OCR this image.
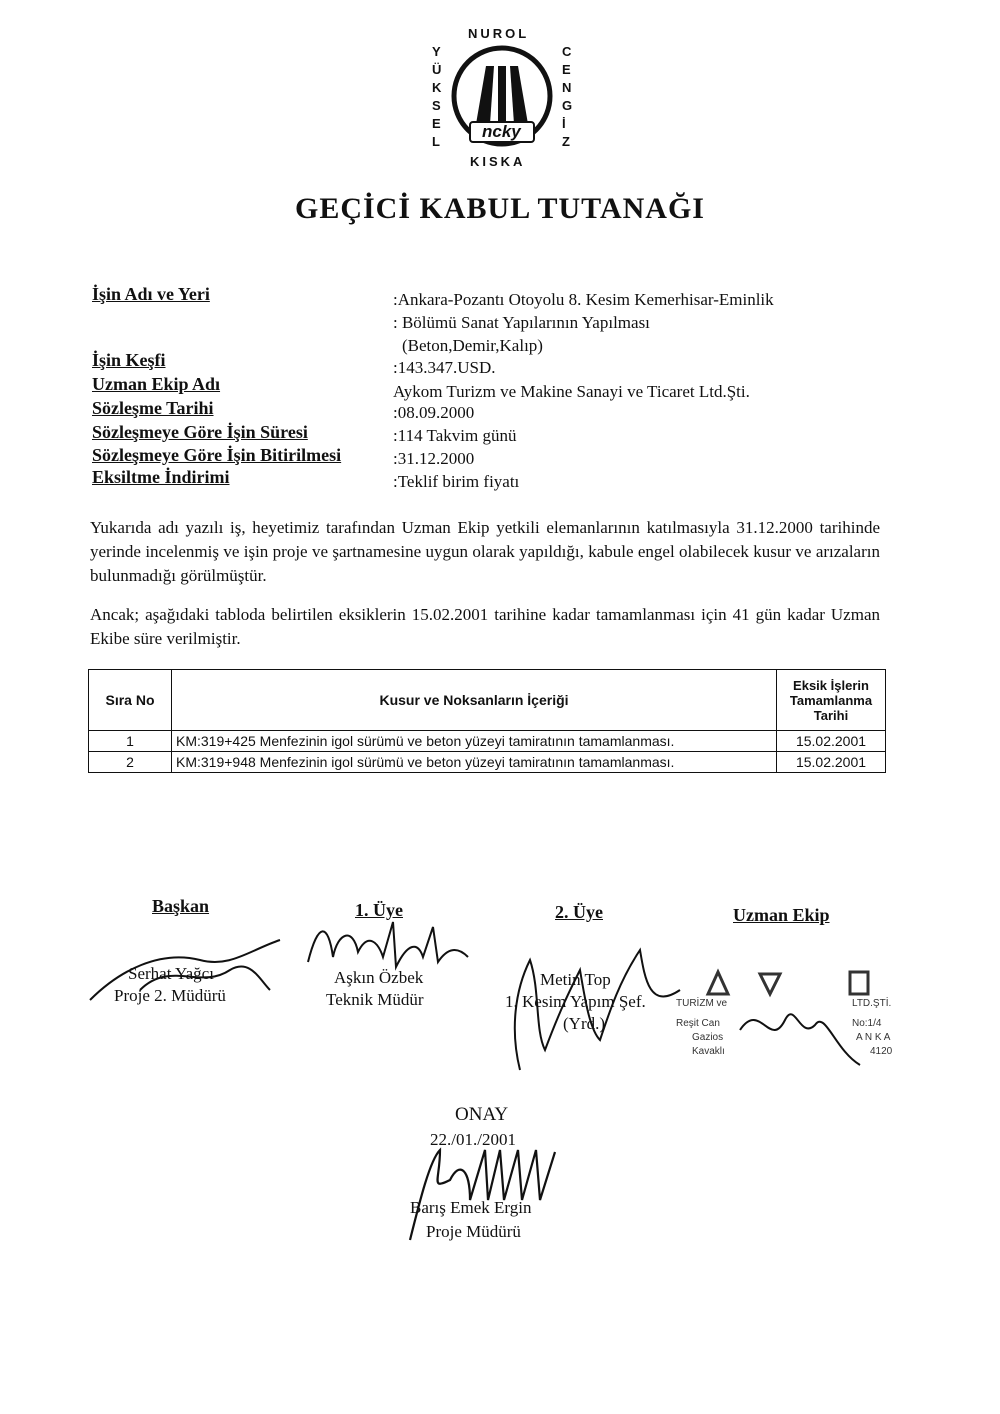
NUROL
KISKA
Y
Ü
K
S
E
L
C
E
N
G
İ
Z
ncky
GEÇİCİ KABUL TUTANAĞI
İşin Adı ve Yeri	:Ankara-Pozantı Otoyolu 8. Kesim Kemerhisar-Eminlik
: Bölümü Sanat Yapılarının Yapılması
(Beton,Demir,Kalıp)
İşin Keşfi	:143.347.USD.
Uzman Ekip Adı	Aykom Turizm ve Makine Sanayi ve Ticaret Ltd.Şti.
Sözleşme Tarihi	:08.09.2000
Sözleşmeye Göre İşin Süresi	:114 Takvim günü
Sözleşmeye Göre İşin Bitirilmesi	:31.12.2000
Eksiltme İndirimi	:Teklif birim fiyatı
Yukarıda adı yazılı iş, heyetimiz tarafından Uzman Ekip yetkili elemanlarının katılmasıyla 31.12.2000 tarihinde yerinde incelenmiş ve işin proje ve şartnamesine uygun olarak yapıldığı, kabule engel olabilecek kusur ve arızaların bulunmadığı görülmüştür.
Ancak; aşağıdaki tabloda belirtilen eksiklerin 15.02.2001 tarihine kadar tamamlanması için 41 gün kadar Uzman Ekibe süre verilmiştir.
Sıra No	Kusur ve Noksanların İçeriği	Eksik İşlerin Tamamlanma Tarihi
1	KM:319+425 Menfezinin igol sürümü ve beton yüzeyi tamiratının tamamlanması.	15.02.2001
2	KM:319+948 Menfezinin igol sürümü ve beton yüzeyi tamiratının tamamlanması.	15.02.2001
Başkan
Serhat Yağcı
Proje 2. Müdürü
1. Üye
Aşkın Özbek
Teknik Müdür
2. Üye
Metin Top
1. Kesim Yapım Şef.
(Yrd.)
Uzman Ekip
TURİZM ve	LTD.ŞTİ.
Reşit Can	No:1/4
Gazios	A N K A
Kavaklı	4120
ONAY
22./01./2001
Barış Emek Ergin
Proje Müdürü
